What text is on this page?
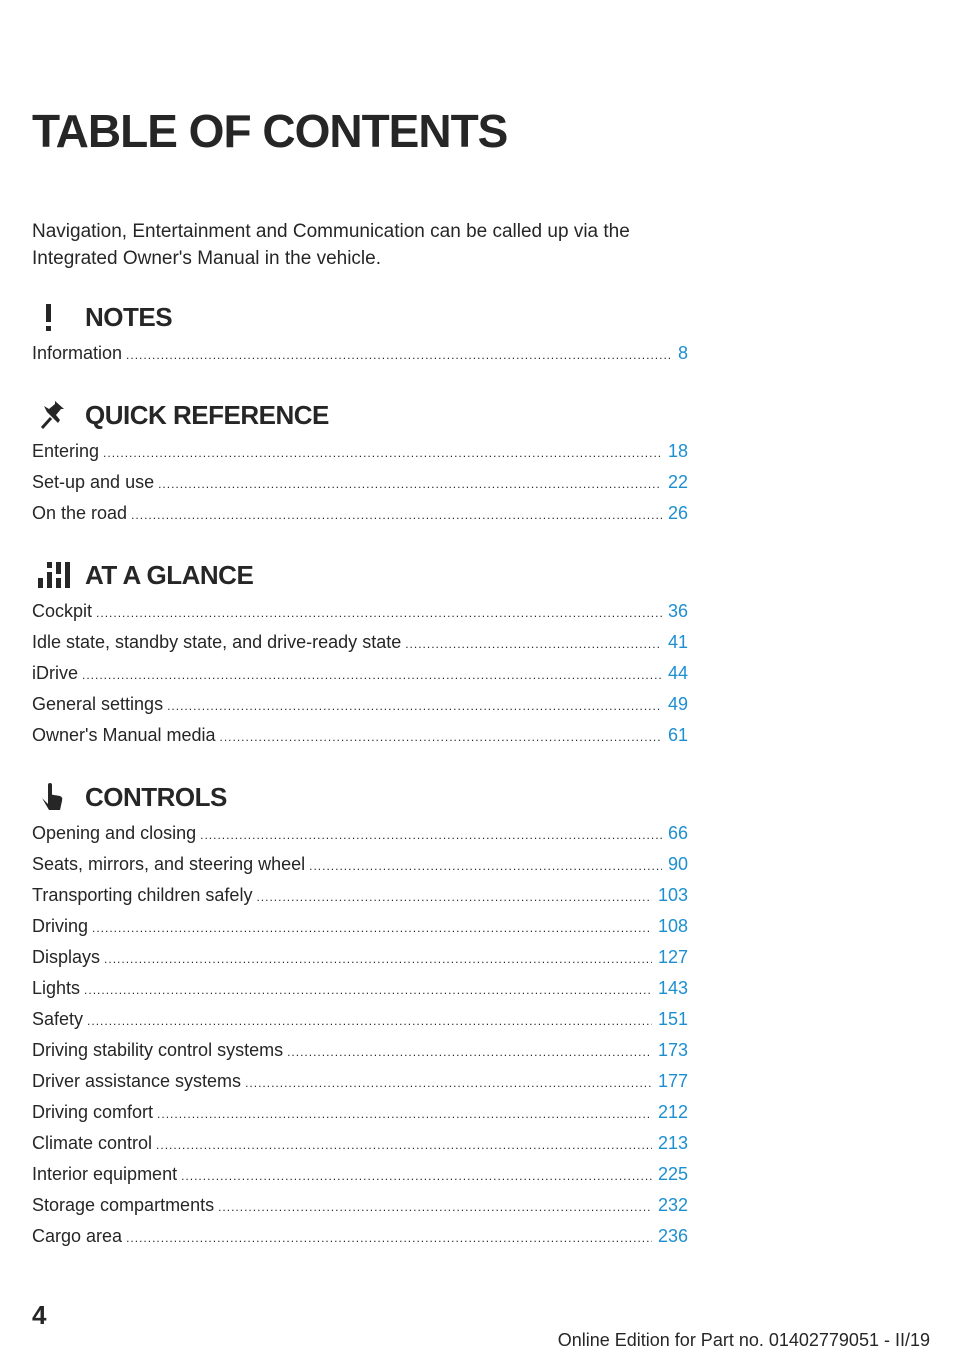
TABLE OF CONTENTS
Navigation, Entertainment and Communication can be called up via the Integrated Owner's Manual in the vehicle.
NOTES
Information .....	8
QUICK REFERENCE
Entering .....	18
Set-up and use .....	22
On the road .....	26
AT A GLANCE
Cockpit .....	36
Idle state, standby state, and drive-ready state .....	41
iDrive .....	44
General settings .....	49
Owner's Manual media .....	61
CONTROLS
Opening and closing .....	66
Seats, mirrors, and steering wheel .....	90
Transporting children safely .....	103
Driving .....	108
Displays .....	127
Lights .....	143
Safety .....	151
Driving stability control systems .....	173
Driver assistance systems .....	177
Driving comfort .....	212
Climate control .....	213
Interior equipment .....	225
Storage compartments .....	232
Cargo area .....	236
4
Online Edition for Part no. 01402779051 - II/19
